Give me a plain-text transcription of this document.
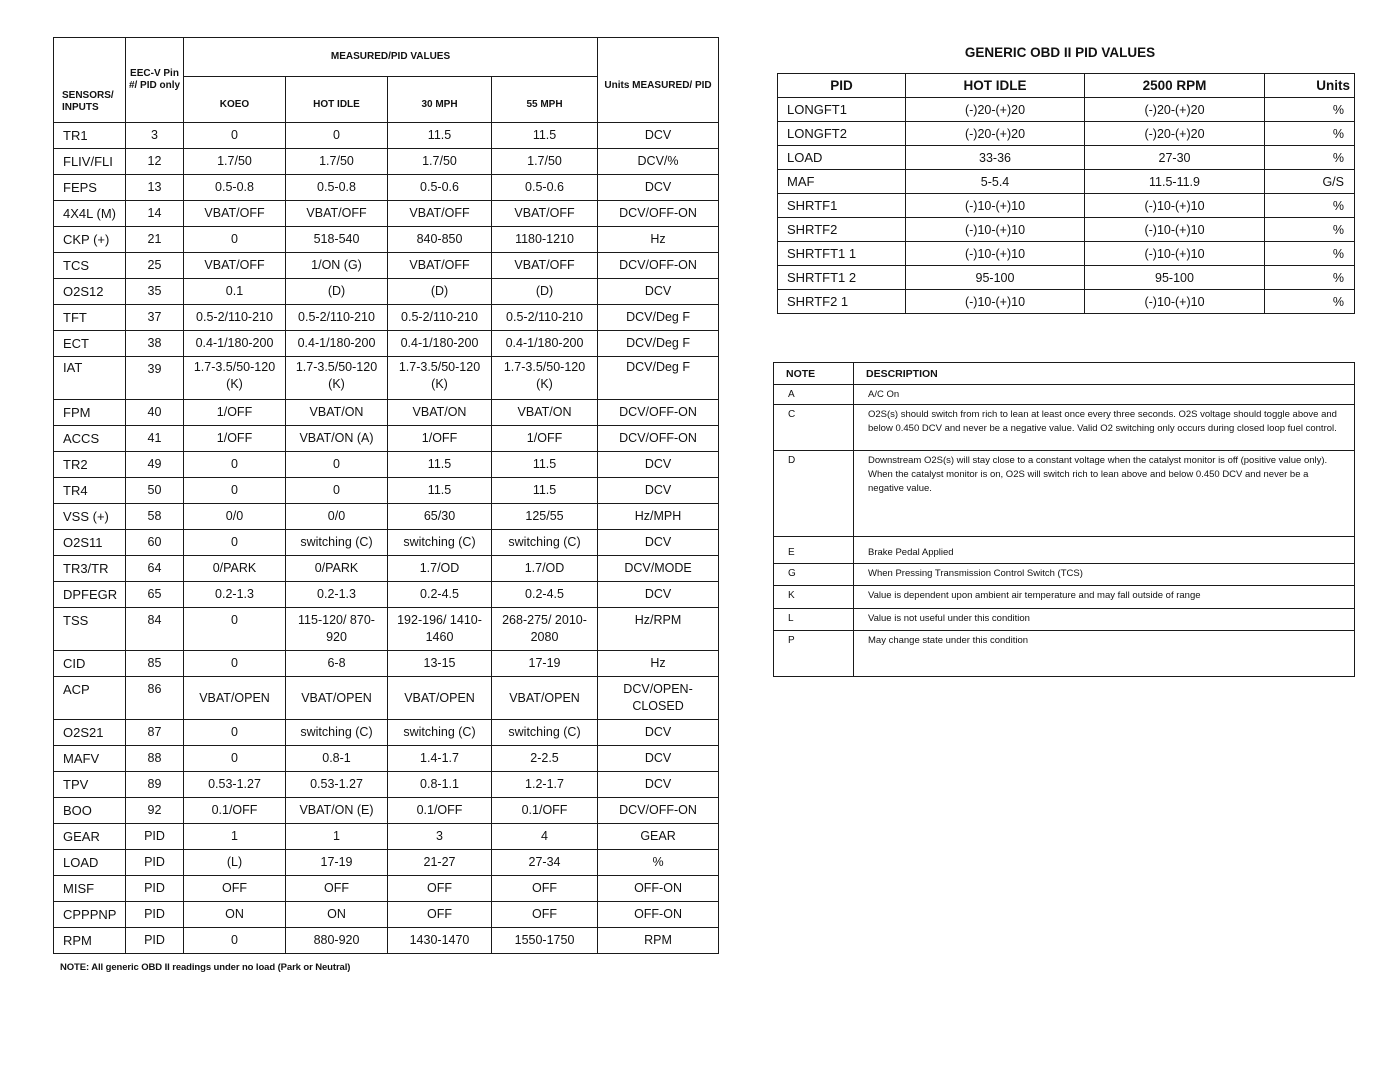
SENSORS/ INPUTS	EEC-V Pin #/ PID only	MEASURED/PID VALUES				Units MEASURED/ PID
		KOEO	HOT IDLE	30 MPH	55 MPH	
TR1	3	0	0	11.5	11.5	DCV
FLIV/FLI	12	1.7/50	1.7/50	1.7/50	1.7/50	DCV/%
FEPS	13	0.5-0.8	0.5-0.8	0.5-0.6	0.5-0.6	DCV
4X4L (M)	14	VBAT/OFF	VBAT/OFF	VBAT/OFF	VBAT/OFF	DCV/OFF-ON
CKP (+)	21	0	518-540	840-850	1180-1210	Hz
TCS	25	VBAT/OFF	1/ON (G)	VBAT/OFF	VBAT/OFF	DCV/OFF-ON
O2S12	35	0.1	(D)	(D)	(D)	DCV
TFT	37	0.5-2/110-210	0.5-2/110-210	0.5-2/110-210	0.5-2/110-210	DCV/Deg F
ECT	38	0.4-1/180-200	0.4-1/180-200	0.4-1/180-200	0.4-1/180-200	DCV/Deg F
IAT	39	1.7-3.5/50-120 (K)	1.7-3.5/50-120 (K)	1.7-3.5/50-120 (K)	1.7-3.5/50-120 (K)	DCV/Deg F
FPM	40	1/OFF	VBAT/ON	VBAT/ON	VBAT/ON	DCV/OFF-ON
ACCS	41	1/OFF	VBAT/ON (A)	1/OFF	1/OFF	DCV/OFF-ON
TR2	49	0	0	11.5	11.5	DCV
TR4	50	0	0	11.5	11.5	DCV
VSS (+)	58	0/0	0/0	65/30	125/55	Hz/MPH
O2S11	60	0	switching (C)	switching (C)	switching (C)	DCV
TR3/TR	64	0/PARK	0/PARK	1.7/OD	1.7/OD	DCV/MODE
DPFEGR	65	0.2-1.3	0.2-1.3	0.2-4.5	0.2-4.5	DCV
TSS	84	0	115-120/ 870-920	192-196/ 1410-1460	268-275/ 2010-2080	Hz/RPM
CID	85	0	6-8	13-15	17-19	Hz
ACP	86	VBAT/OPEN	VBAT/OPEN	VBAT/OPEN	VBAT/OPEN	DCV/OPEN-CLOSED
O2S21	87	0	switching (C)	switching (C)	switching (C)	DCV
MAFV	88	0	0.8-1	1.4-1.7	2-2.5	DCV
TPV	89	0.53-1.27	0.53-1.27	0.8-1.1	1.2-1.7	DCV
BOO	92	0.1/OFF	VBAT/ON (E)	0.1/OFF	0.1/OFF	DCV/OFF-ON
GEAR	PID	1	1	3	4	GEAR
LOAD	PID	(L)	17-19	21-27	27-34	%
MISF	PID	OFF	OFF	OFF	OFF	OFF-ON
CPPPNP	PID	ON	ON	OFF	OFF	OFF-ON
RPM	PID	0	880-920	1430-1470	1550-1750	RPM
NOTE: All generic OBD II readings under no load (Park or Neutral)
GENERIC OBD II PID VALUES
PID	HOT IDLE	2500 RPM	Units
LONGFT1	(-)20-(+)20	(-)20-(+)20	%
LONGFT2	(-)20-(+)20	(-)20-(+)20	%
LOAD	33-36	27-30	%
MAF	5-5.4	11.5-11.9	G/S
SHRTF1	(-)10-(+)10	(-)10-(+)10	%
SHRTF2	(-)10-(+)10	(-)10-(+)10	%
SHRTFT1 1	(-)10-(+)10	(-)10-(+)10	%
SHRTFT1 2	95-100	95-100	%
SHRTF2 1	(-)10-(+)10	(-)10-(+)10	%
NOTE	DESCRIPTION
A	A/C On
C	O2S(s) should switch from rich to lean at least once every three seconds. O2S voltage should toggle above and below 0.450 DCV and never be a negative value. Valid O2 switching only occurs during closed loop fuel control.
D	Downstream O2S(s) will stay close to a constant voltage when the catalyst monitor is off (positive value only). When the catalyst monitor is on, O2S will switch rich to lean above and below 0.450 DCV and never be a negative value.
E	Brake Pedal Applied
G	When Pressing Transmission Control Switch (TCS)
K	Value is dependent upon ambient air temperature and may fall outside of range
L	Value is not useful under this condition
P	May change state under this condition
